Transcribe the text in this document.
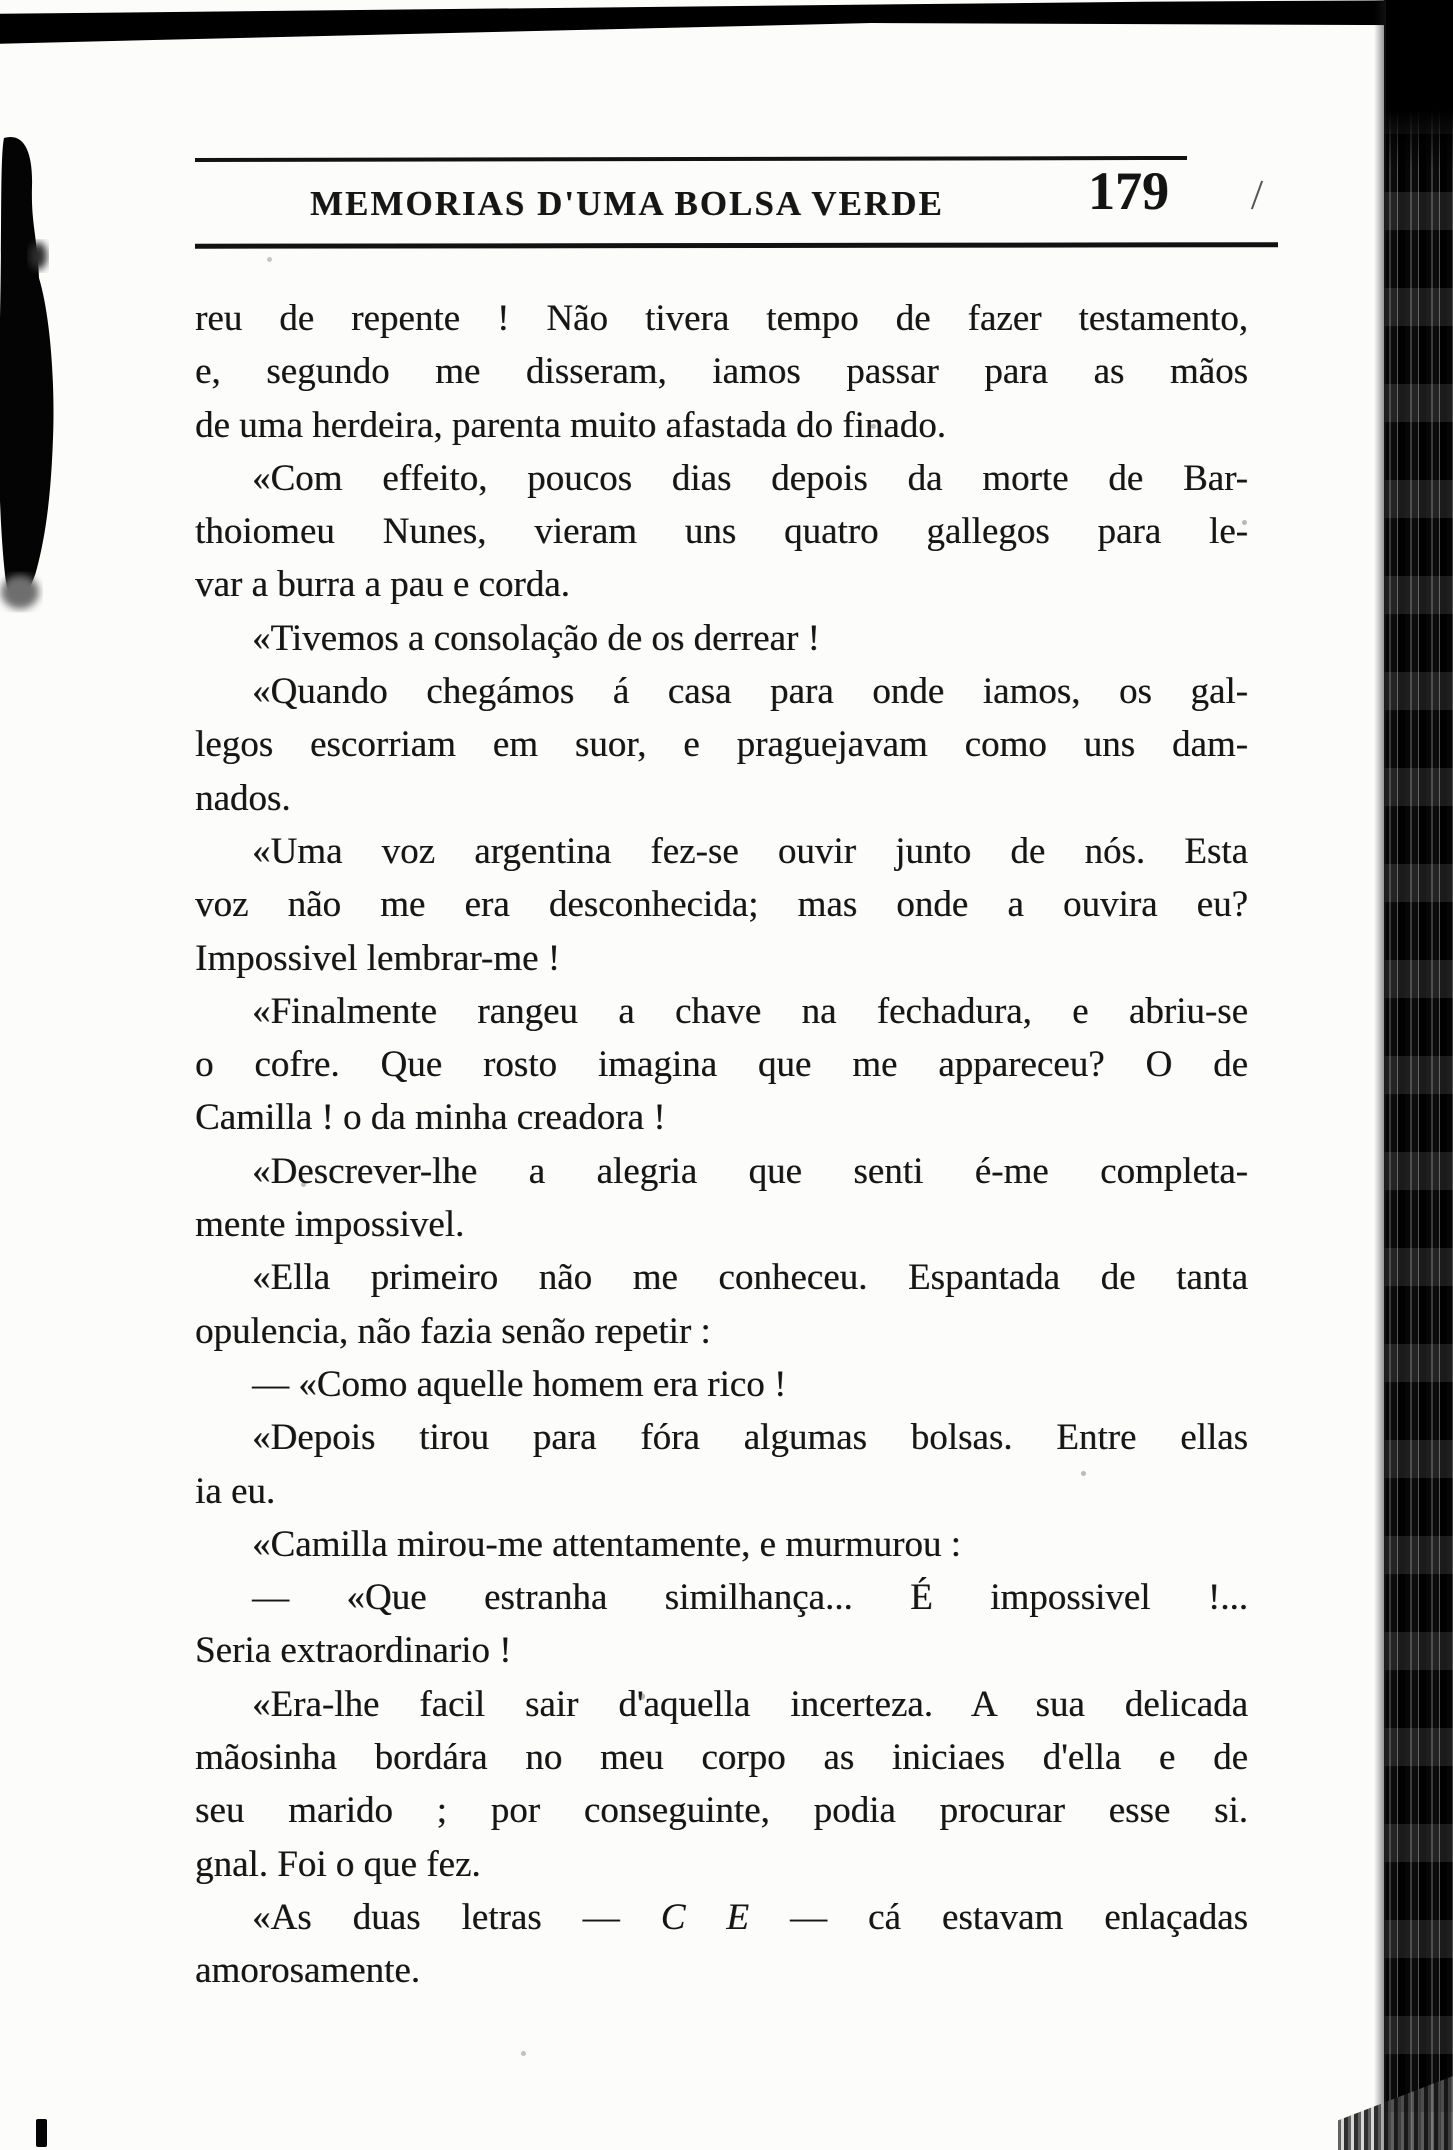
MEMORIAS D'UMA BOLSA VERDE	179
reu de repente ! Não tivera tempo de fazer testamento,
e, segundo me disseram, iamos passar para as mãos
de uma herdeira, parenta muito afastada do finado.
«Com effeito, poucos dias depois da morte de Bar-
thoiomeu Nunes, vieram uns quatro gallegos para le-
var a burra a pau e corda.
«Tivemos a consolação de os derrear !
«Quando chegámos á casa para onde iamos, os gal-
legos escorriam em suor, e praguejavam como uns dam-
nados.
«Uma voz argentina fez-se ouvir junto de nós. Esta
voz não me era desconhecida; mas onde a ouvira eu?
Impossivel lembrar-me !
«Finalmente rangeu a chave na fechadura, e abriu-se
o cofre. Que rosto imagina que me appareceu? O de
Camilla ! o da minha creadora !
«Descrever-lhe a alegria que senti é-me completa-
mente impossivel.
«Ella primeiro não me conheceu. Espantada de tanta
opulencia, não fazia senão repetir :
— «Como aquelle homem era rico !
«Depois tirou para fóra algumas bolsas. Entre ellas
ia eu.
«Camilla mirou-me attentamente, e murmurou :
— «Que estranha similhança... É impossivel !...
Seria extraordinario !
«Era-lhe facil sair d'aquella incerteza. A sua delicada
mãosinha bordára no meu corpo as iniciaes d'ella e de
seu marido ; por conseguinte, podia procurar esse si.
gnal. Foi o que fez.
«As duas letras — C E — cá estavam enlaçadas
amorosamente.
